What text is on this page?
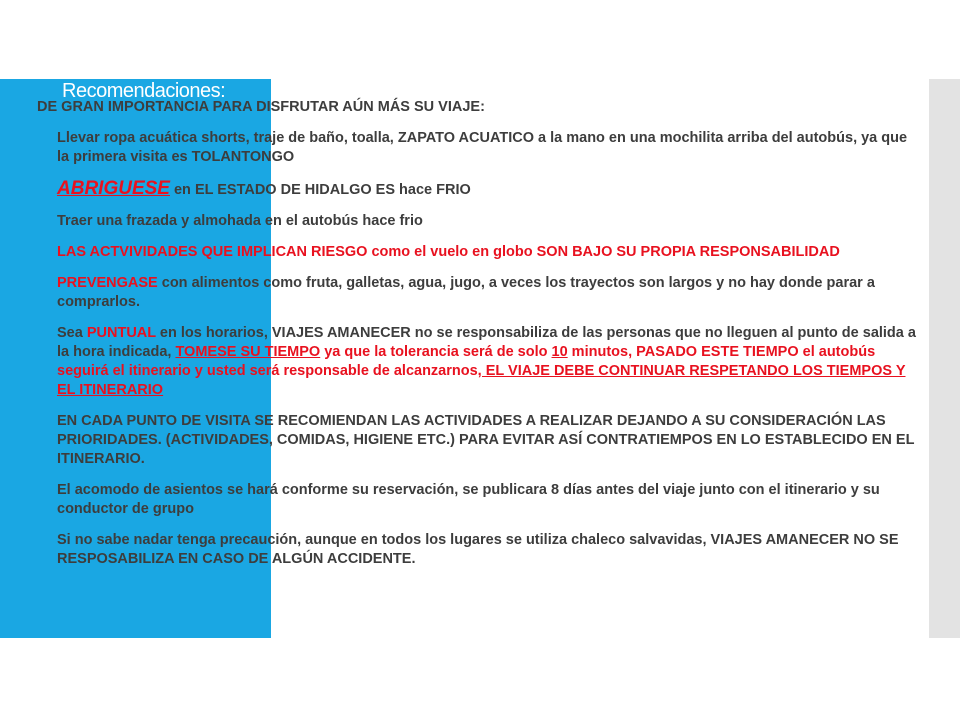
Recomendaciones:

DE GRAN IMPORTANCIA PARA DISFRUTAR AÚN MÁS SU VIAJE:

Llevar ropa acuática shorts, traje de baño, toalla, ZAPATO ACUATICO a la mano en una mochilita arriba del autobús, ya que la primera visita es TOLANTONGO

ABRIGUESE en EL ESTADO DE HIDALGO ES hace FRIO

Traer una frazada y almohada en el autobús hace frio

LAS ACTVIVIDADES QUE IMPLICAN RIESGO como el vuelo en globo SON BAJO SU PROPIA RESPONSABILIDAD

PREVENGASE con alimentos como fruta, galletas, agua, jugo, a veces los trayectos son largos y no hay donde parar a comprarlos.

Sea PUNTUAL en los horarios, VIAJES AMANECER no se responsabiliza de las personas que no lleguen al punto de salida a la hora indicada, TOMESE SU TIEMPO ya que la tolerancia será de solo 10 minutos, PASADO ESTE TIEMPO el autobús seguirá el itinerario y usted será responsable de alcanzarnos, EL VIAJE DEBE CONTINUAR RESPETANDO LOS TIEMPOS Y EL ITINERARIO

EN CADA PUNTO DE VISITA SE RECOMIENDAN LAS ACTIVIDADES A REALIZAR DEJANDO A SU CONSIDERACIÓN LAS PRIORIDADES. (ACTIVIDADES, COMIDAS, HIGIENE ETC.) PARA EVITAR ASÍ CONTRATIEMPOS EN LO ESTABLECIDO EN EL ITINERARIO.

El acomodo de asientos se hará conforme su reservación, se publicara 8 días antes del viaje junto con el itinerario y su conductor de grupo

Si no sabe nadar tenga precaución, aunque en todos los lugares se utiliza chaleco salvavidas, VIAJES AMANECER NO SE RESPOSABILIZA EN CASO DE ALGÚN ACCIDENTE.
